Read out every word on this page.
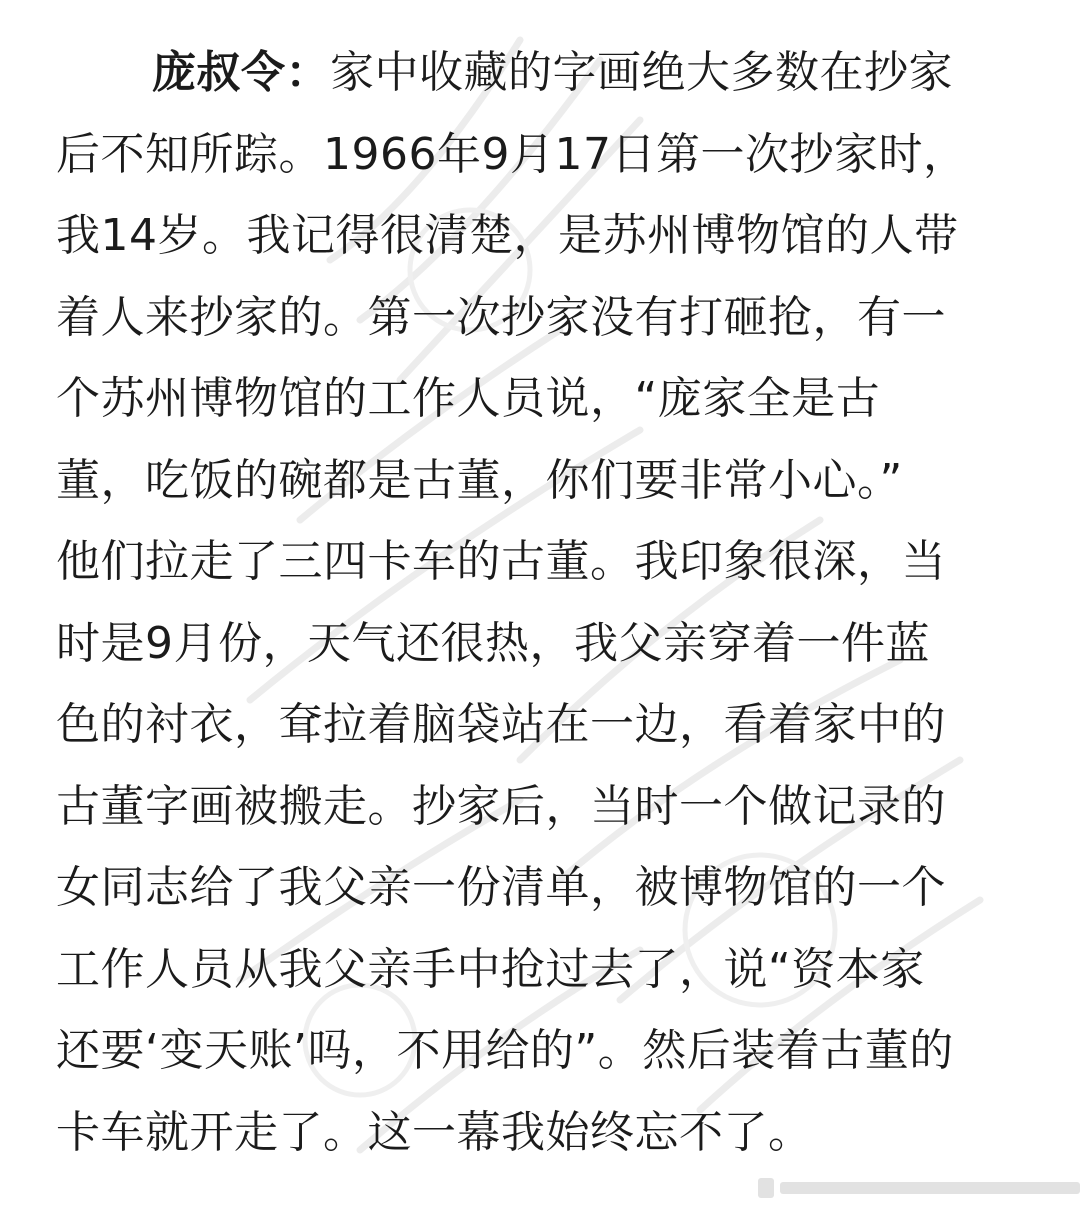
庞叔令：家中收藏的字画绝大多数在抄家
后不知所踪。1966年9月17日第一次抄家时，
我14岁。我记得很清楚，是苏州博物馆的人带
着人来抄家的。第一次抄家没有打砸抢，有一
个苏州博物馆的工作人员说，“庞家全是古
董，吃饭的碗都是古董，你们要非常小心。”
他们拉走了三四卡车的古董。我印象很深，当
时是9月份，天气还很热，我父亲穿着一件蓝
色的衬衣，耷拉着脑袋站在一边，看着家中的
古董字画被搬走。抄家后，当时一个做记录的
女同志给了我父亲一份清单，被博物馆的一个
工作人员从我父亲手中抢过去了，说“资本家
还要‘变天账’吗，不用给的”。然后装着古董的
卡车就开走了。这一幕我始终忘不了。
